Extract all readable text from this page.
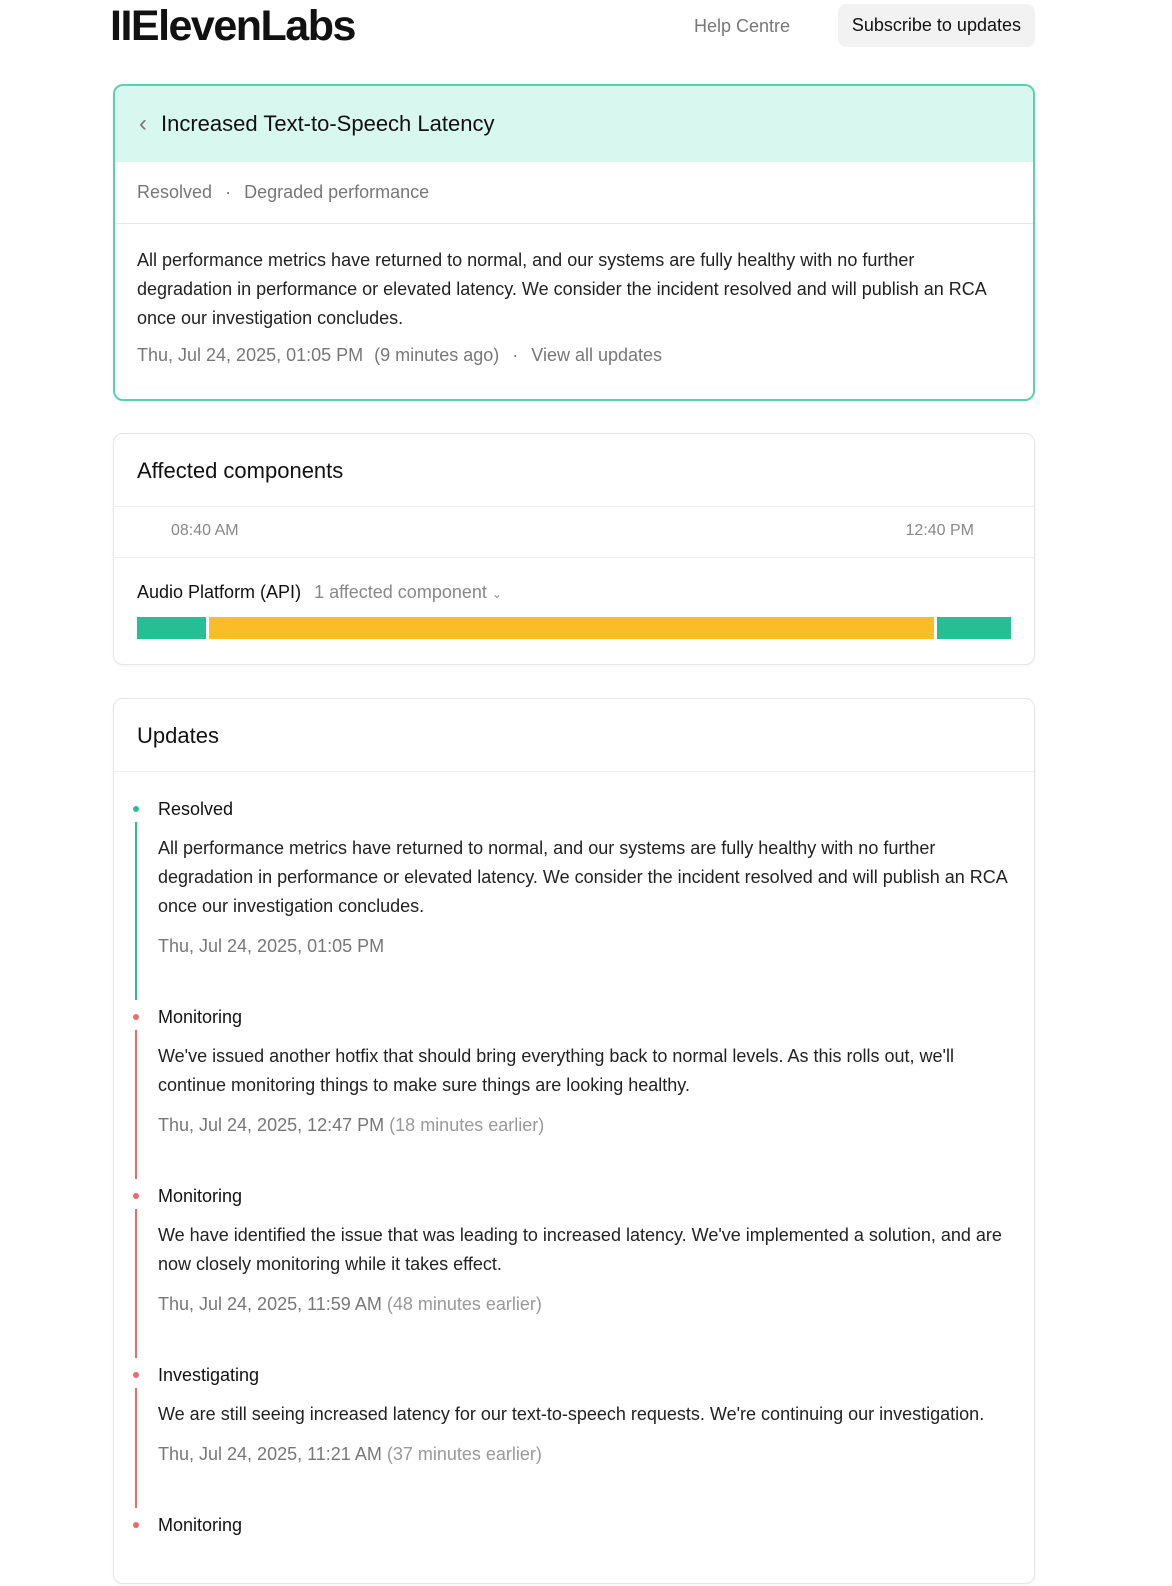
IIElevenLabs	Help Centre	Subscribe to updates
‹ Increased Text-to-Speech Latency
Resolved · Degraded performance
All performance metrics have returned to normal, and our systems are fully healthy with no further degradation in performance or elevated latency. We consider the incident resolved and will publish an RCA once our investigation concludes.
Thu, Jul 24, 2025, 01:05 PM (9 minutes ago) · View all updates
Affected components
08:40 AM	12:40 PM
Audio Platform (API) 1 affected component ⌄
Updates
Resolved
All performance metrics have returned to normal, and our systems are fully healthy with no further degradation in performance or elevated latency. We consider the incident resolved and will publish an RCA once our investigation concludes.
Thu, Jul 24, 2025, 01:05 PM
Monitoring
We've issued another hotfix that should bring everything back to normal levels. As this rolls out, we'll continue monitoring things to make sure things are looking healthy.
Thu, Jul 24, 2025, 12:47 PM (18 minutes earlier)
Monitoring
We have identified the issue that was leading to increased latency. We've implemented a solution, and are now closely monitoring while it takes effect.
Thu, Jul 24, 2025, 11:59 AM (48 minutes earlier)
Investigating
We are still seeing increased latency for our text-to-speech requests. We're continuing our investigation.
Thu, Jul 24, 2025, 11:21 AM (37 minutes earlier)
Monitoring
